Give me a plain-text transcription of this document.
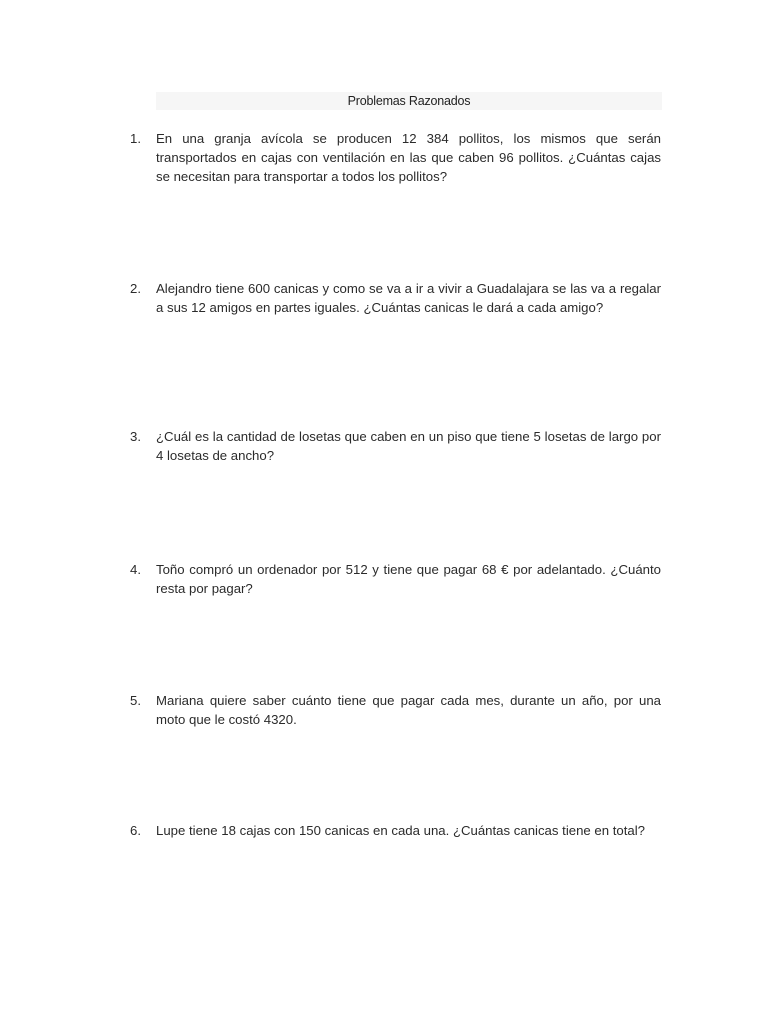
Problemas Razonados
1.	En una granja avícola se producen 12 384 pollitos, los mismos que serán transportados en cajas con ventilación en las que caben 96 pollitos. ¿Cuántas cajas se necesitan para transportar a todos los pollitos?
2.	Alejandro tiene 600 canicas y como se va a ir a vivir a Guadalajara se las va a regalar a sus 12 amigos en partes iguales. ¿Cuántas canicas le dará a cada amigo?
3.	¿Cuál es la cantidad de losetas que caben en un piso que tiene 5 losetas de largo por 4 losetas de ancho?
4.	Toño compró un ordenador por 512 y tiene que pagar 68 € por adelantado. ¿Cuánto resta por pagar?
5.	Mariana quiere saber cuánto tiene que pagar cada mes, durante un año, por una moto que le costó 4320.
6.	Lupe tiene 18 cajas con 150 canicas en cada una. ¿Cuántas canicas tiene en total?
